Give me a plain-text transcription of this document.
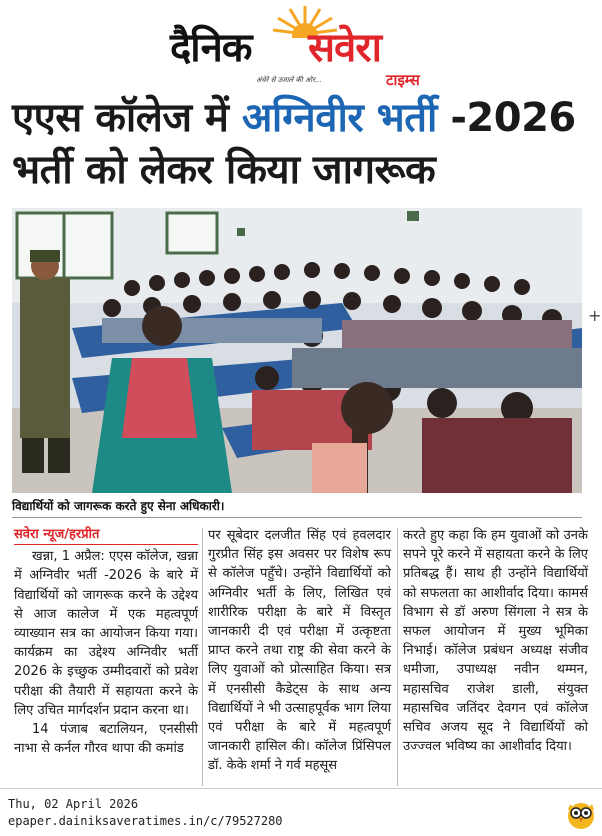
दैनिक सवेरा
अंधेरे से उजाले की ओर...	टाइम्स
एएस कॉलेज में अग्निवीर भर्ती -2026
भर्ती को लेकर किया जागरूक
+
विद्यार्थियों को जागरूक करते हुए सेना अधिकारी।
सवेरा न्यूज/हरप्रीत

खन्ना, 1 अप्रैल: एएस कॉलेज, खन्ना में अग्निवीर भर्ती -2026 के बारे में विद्यार्थियों को जागरूक करने के उद्देश्य से आज कालेज में एक महत्वपूर्ण व्याख्यान सत्र का आयोजन किया गया। कार्यक्रम का उद्देश्य अग्निवीर भर्ती 2026 के इच्छुक उम्मीदवारों को प्रवेश परीक्षा की तैयारी में सहायता करने के लिए उचित मार्गदर्शन प्रदान करना था।

14 पंजाब बटालियन, एनसीसी नाभा से कर्नल गौरव थापा की कमांड

पर सूबेदार दलजीत सिंह एवं हवलदार गुरप्रीत सिंह इस अवसर पर विशेष रूप से कॉलेज पहुँचे। उन्होंने विद्यार्थियों को अग्निवीर भर्ती के लिए, लिखित एवं शारीरिक परीक्षा के बारे में विस्तृत जानकारी दी एवं परीक्षा में उत्कृष्टता प्राप्त करने तथा राष्ट्र की सेवा करने के लिए युवाओं को प्रोत्साहित किया। सत्र में एनसीसी कैडेट्स के साथ अन्य विद्यार्थियों ने भी उत्साहपूर्वक भाग लिया एवं परीक्षा के बारे में महत्वपूर्ण जानकारी हासिल की। कॉलेज प्रिंसिपल डॉ. केके शर्मा ने गर्व महसूस

करते हुए कहा कि हम युवाओं को उनके सपने पूरे करने में सहायता करने के लिए प्रतिबद्ध हैं। साथ ही उन्होंने विद्यार्थियों को सफलता का आशीर्वाद दिया। कामर्स विभाग से डॉ अरुण सिंगला ने सत्र के सफल आयोजन में मुख्य भूमिका निभाई। कॉलेज प्रबंधन अध्यक्ष संजीव धमीजा, उपाध्यक्ष नवीन थम्मन, महासचिव राजेश डाली, संयुक्त महासचिव जतिंदर देवगन एवं कॉलेज सचिव अजय सूद ने विद्यार्थियों को उज्ज्वल भविष्य का आशीर्वाद दिया।

Thu, 02 April 2026
epaper.dainiksaveratimes.in/c/79527280
